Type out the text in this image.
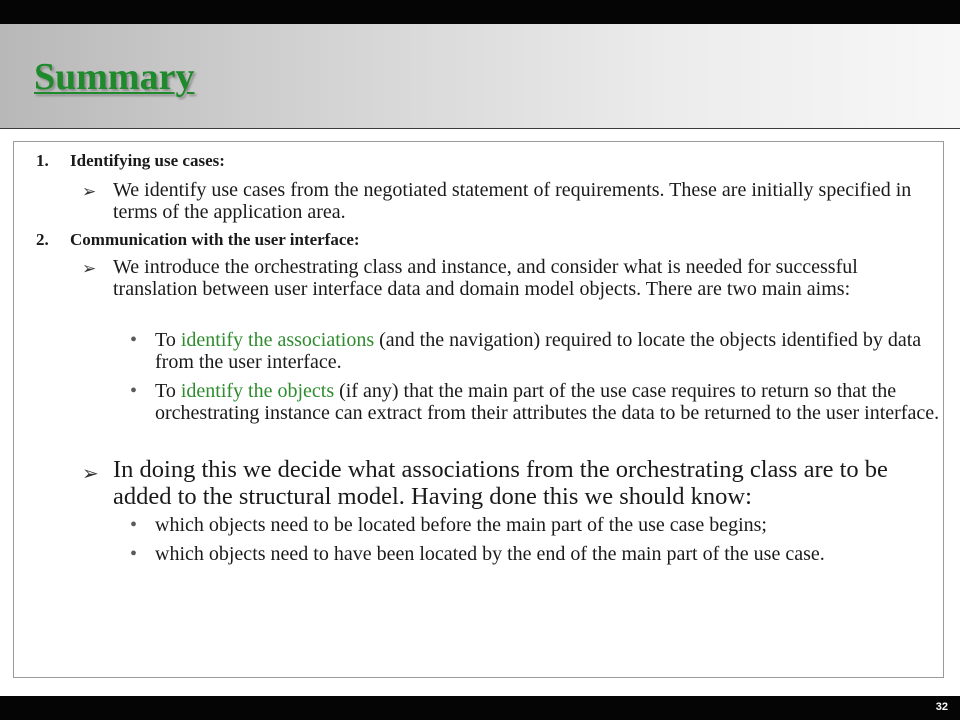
Summary
1. Identifying use cases:
➢ We identify use cases from the negotiated statement of requirements. These are initially specified in terms of the application area.
2. Communication with the user interface:
➢ We introduce the orchestrating class and instance, and consider what is needed for successful translation between user interface data and domain model objects. There are two main aims:
• To identify the associations (and the navigation) required to locate the objects identified by data from the user interface.
• To identify the objects (if any) that the main part of the use case requires to return so that the orchestrating instance can extract from their attributes the data to be returned to the user interface.
➢ In doing this we decide what associations from the orchestrating class are to be added to the structural model. Having done this we should know:
• which objects need to be located before the main part of the use case begins;
• which objects need to have been located by the end of the main part of the use case.
32
